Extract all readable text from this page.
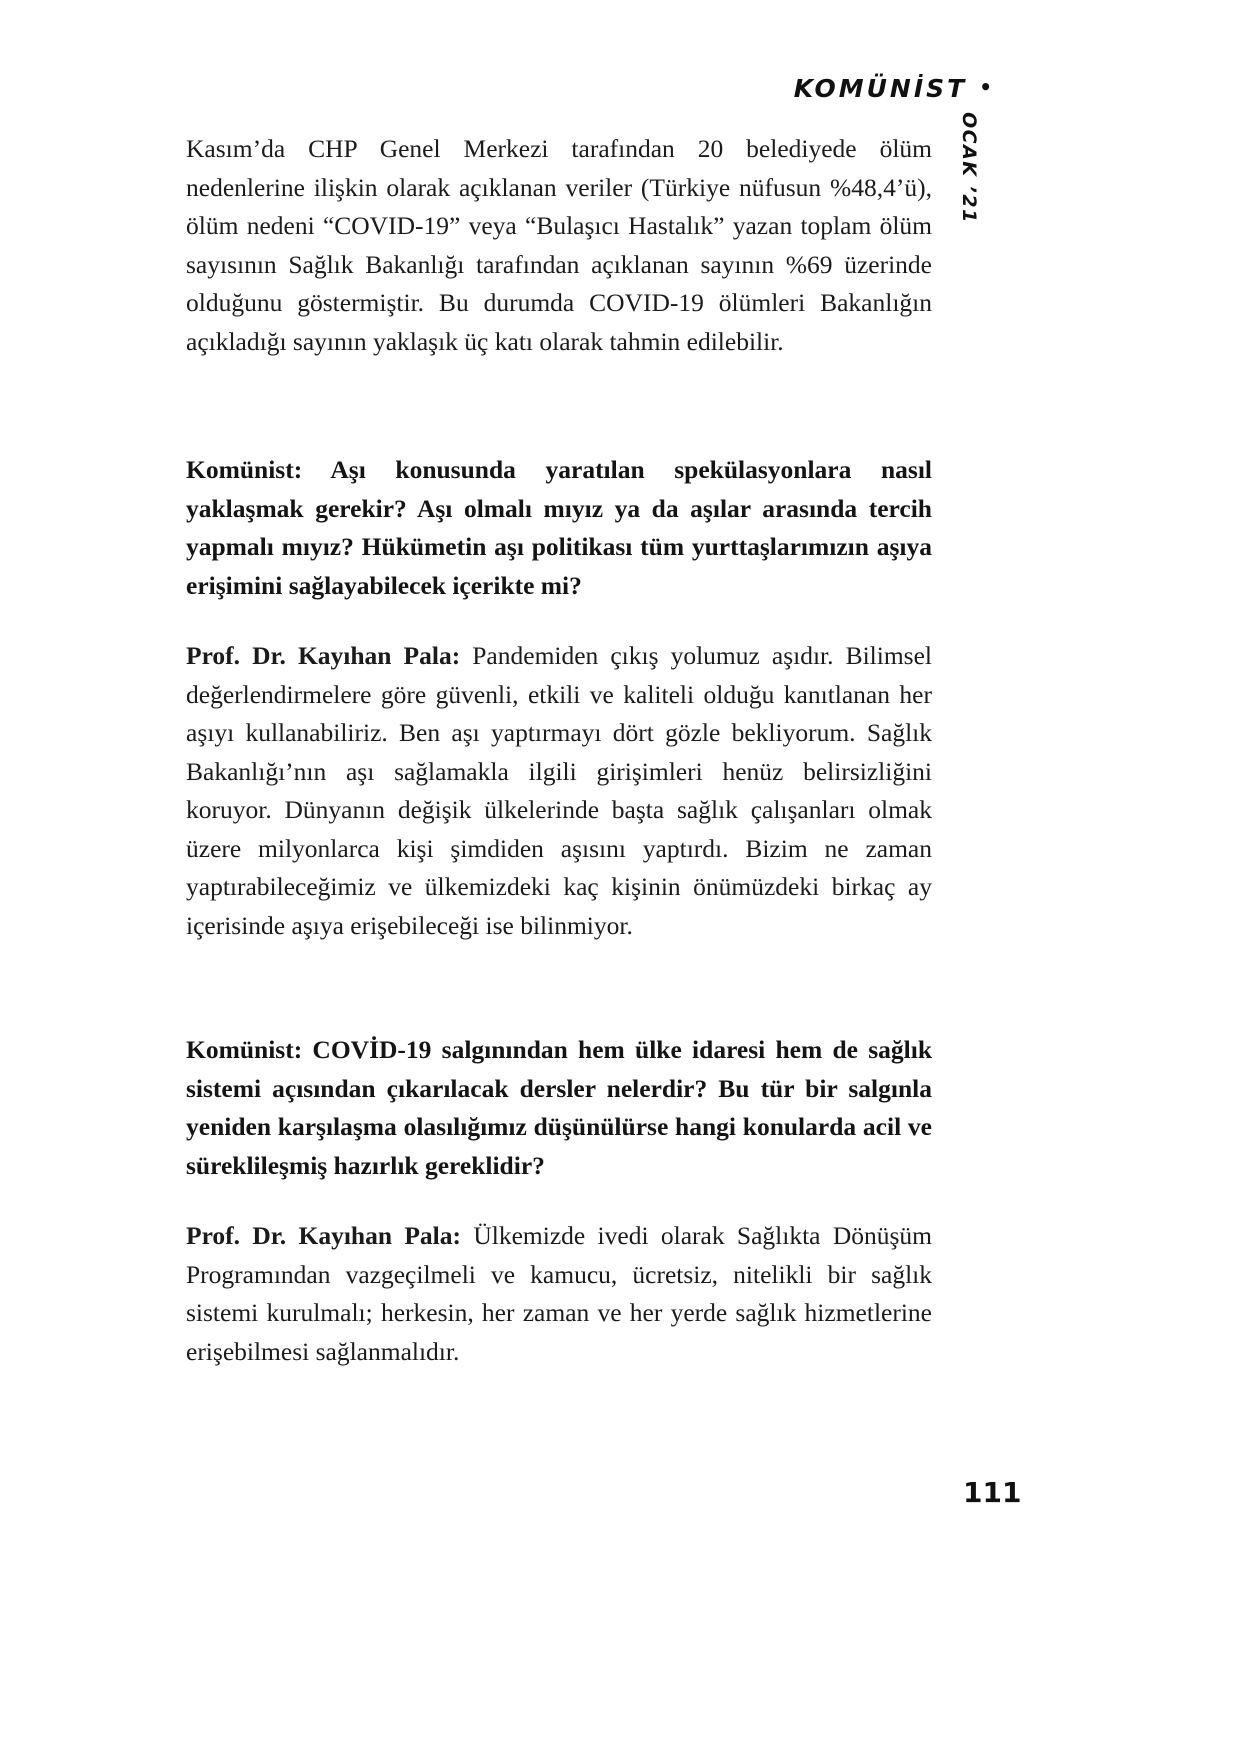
KOMÜNİST •
OCAK ’21

Kasım’da CHP Genel Merkezi tarafından 20 belediyede ölüm nedenlerine ilişkin olarak açıklanan veriler (Türkiye nüfusun %48,4’ü), ölüm nedeni “COVID-19” veya “Bulaşıcı Hastalık” yazan toplam ölüm sayısının Sağlık Bakanlığı tarafından açıklanan sayının %69 üzerinde olduğunu göstermiştir. Bu durumda COVID-19 ölümleri Bakanlığın açıkladığı sayının yaklaşık üç katı olarak tahmin edilebilir.

Komünist: Aşı konusunda yaratılan spekülasyonlara nasıl yaklaşmak gerekir? Aşı olmalı mıyız ya da aşılar arasında tercih yapmalı mıyız? Hükümetin aşı politikası tüm yurttaşlarımızın aşıya erişimini sağlayabilecek içerikte mi?

Prof. Dr. Kayıhan Pala: Pandemiden çıkış yolumuz aşıdır. Bilimsel değerlendirmelere göre güvenli, etkili ve kaliteli olduğu kanıtlanan her aşıyı kullanabiliriz. Ben aşı yaptırmayı dört gözle bekliyorum. Sağlık Bakanlığı’nın aşı sağlamakla ilgili girişimleri henüz belirsizliğini koruyor. Dünyanın değişik ülkelerinde başta sağlık çalışanları olmak üzere milyonlarca kişi şimdiden aşısını yaptırdı. Bizim ne zaman yaptırabileceğimiz ve ülkemizdeki kaç kişinin önümüzdeki birkaç ay içerisinde aşıya erişebileceği ise bilinmiyor.

Komünist: COVİD-19 salgınından hem ülke idaresi hem de sağlık sistemi açısından çıkarılacak dersler nelerdir? Bu tür bir salgınla yeniden karşılaşma olasılığımız düşünülürse hangi konularda acil ve süreklileşmiş hazırlık gereklidir?

Prof. Dr. Kayıhan Pala: Ülkemizde ivedi olarak Sağlıkta Dönüşüm Programından vazgeçilmeli ve kamucu, ücretsiz, nitelikli bir sağlık sistemi kurulmalı; herkesin, her zaman ve her yerde sağlık hizmetlerine erişebilmesi sağlanmalıdır.

111
